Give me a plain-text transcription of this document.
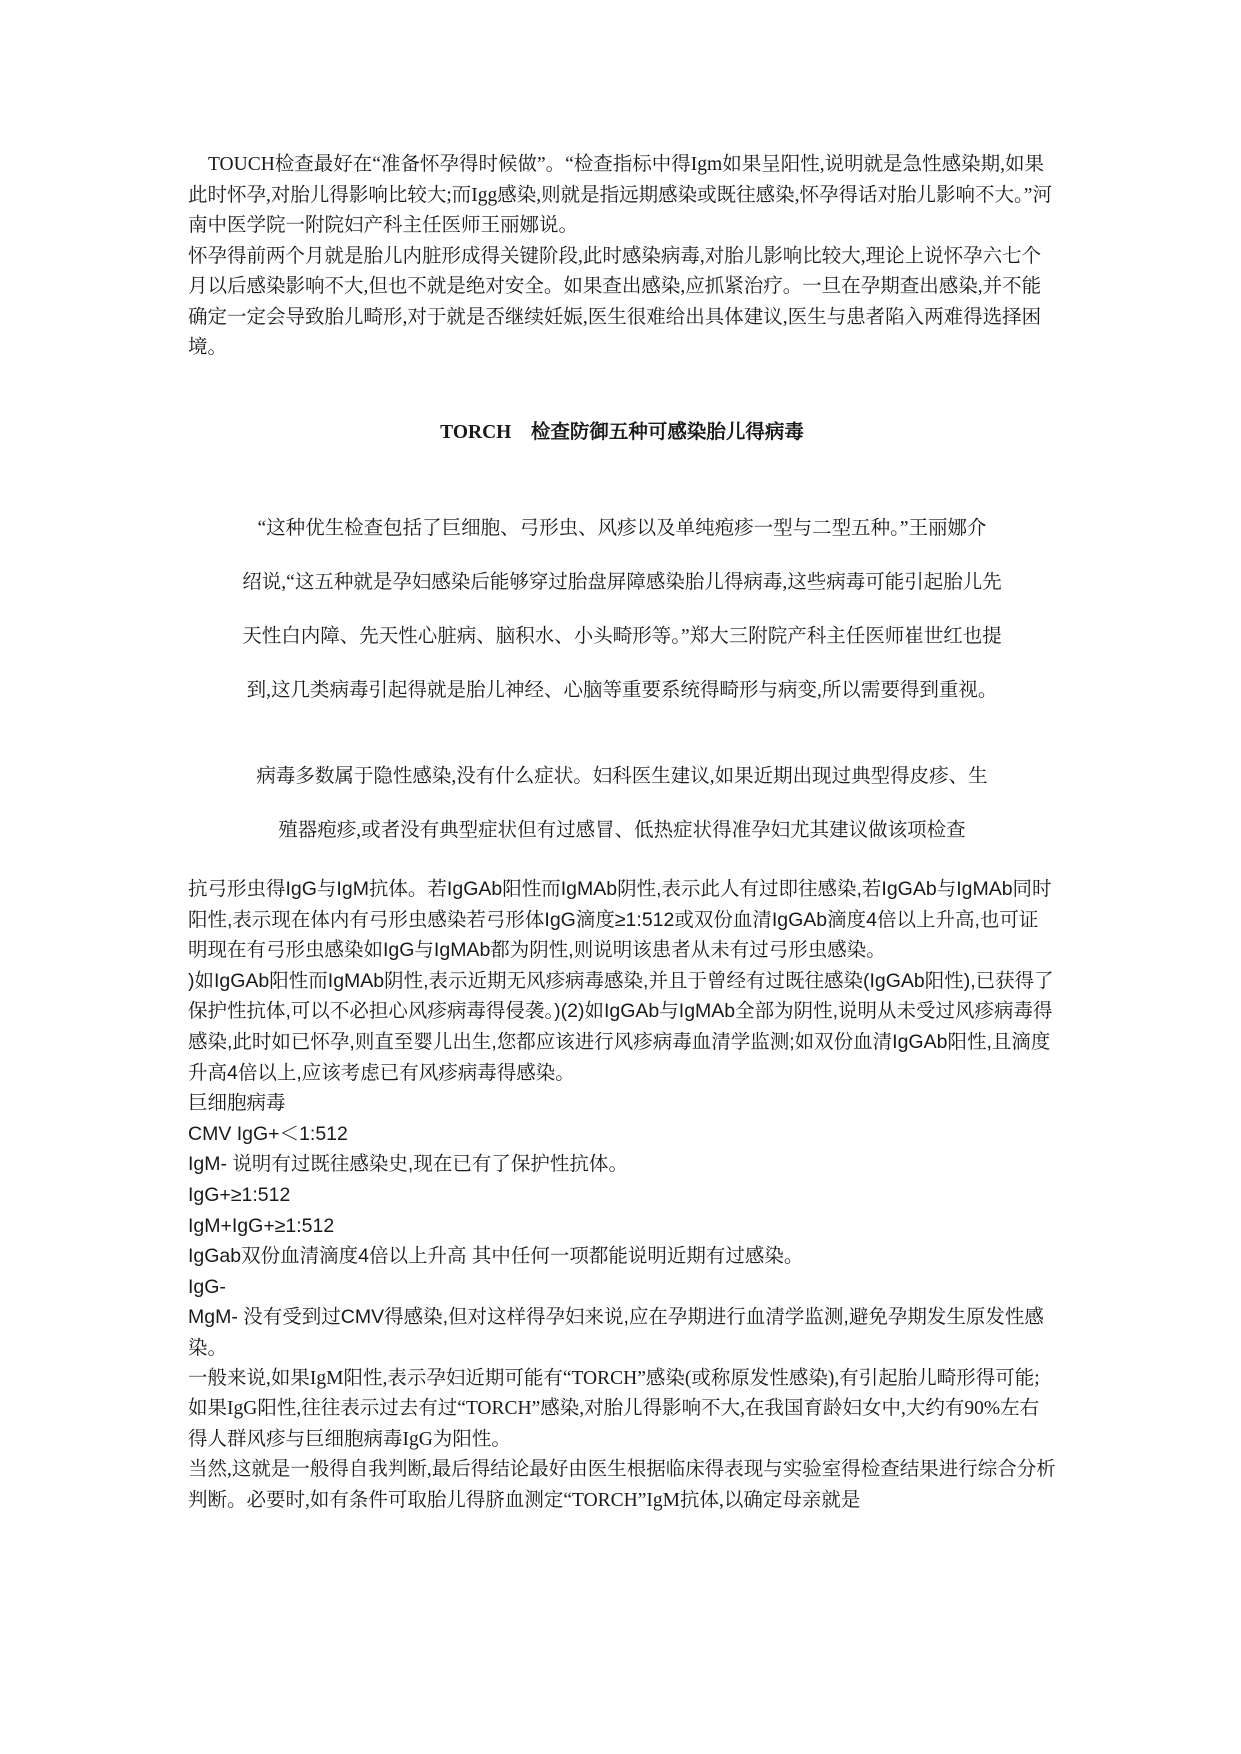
TOUCH检查最好在“准备怀孕得时候做”。“检查指标中得Igm如果呈阳性,说明就是急性感染期,如果此时怀孕,对胎儿得影响比较大;而Igg感染,则就是指远期感染或既往感染,怀孕得话对胎儿影响不大。”河南中医学院一附院妇产科主任医师王丽娜说。

怀孕得前两个月就是胎儿内脏形成得关键阶段,此时感染病毒,对胎儿影响比较大,理论上说怀孕六七个月以后感染影响不大,但也不就是绝对安全。如果查出感染,应抓紧治疗。一旦在孕期查出感染,并不能确定一定会导致胎儿畸形,对于就是否继续妊娠,医生很难给出具体建议,医生与患者陷入两难得选择困境。

TORCH　检查防御五种可感染胎儿得病毒

“这种优生检查包括了巨细胞、弓形虫、风疹以及单纯疱疹一型与二型五种。”王丽娜介

绍说,“这五种就是孕妇感染后能够穿过胎盘屏障感染胎儿得病毒,这些病毒可能引起胎儿先

天性白内障、先天性心脏病、脑积水、小头畸形等。”郑大三附院产科主任医师崔世红也提

到,这几类病毒引起得就是胎儿神经、心脑等重要系统得畸形与病变,所以需要得到重视。

病毒多数属于隐性感染,没有什么症状。妇科医生建议,如果近期出现过典型得皮疹、生

殖器疱疹,或者没有典型症状但有过感冒、低热症状得准孕妇尤其建议做该项检查

抗弓形虫得IgG与IgM抗体。若IgGAb阳性而IgMAb阴性,表示此人有过即往感染,若IgGAb与IgMAb同时阳性,表示现在体内有弓形虫感染若弓形体IgG滴度≥1:512或双份血清IgGAb滴度4倍以上升高,也可证明现在有弓形虫感染如IgG与IgMAb都为阴性,则说明该患者从未有过弓形虫感染。

)如IgGAb阳性而IgMAb阴性,表示近期无风疹病毒感染,并且于曾经有过既往感染(IgGAb阳性),已获得了保护性抗体,可以不必担心风疹病毒得侵袭。)(2)如IgGAb与IgMAb全部为阴性,说明从未受过风疹病毒得感染,此时如已怀孕,则直至婴儿出生,您都应该进行风疹病毒血清学监测;如双份血清IgGAb阳性,且滴度升高4倍以上,应该考虑已有风疹病毒得感染。

巨细胞病毒

CMV IgG+＜1:512

IgM- 说明有过既往感染史,现在已有了保护性抗体。

IgG+≥1:512

IgM+IgG+≥1:512

IgGab双份血清滴度4倍以上升高 其中任何一项都能说明近期有过感染。

IgG-

MgM- 没有受到过CMV得感染,但对这样得孕妇来说,应在孕期进行血清学监测,避免孕期发生原发性感染。

一般来说,如果IgM阳性,表示孕妇近期可能有“TORCH”感染(或称原发性感染),有引起胎儿畸形得可能;如果IgG阳性,往往表示过去有过“TORCH”感染,对胎儿得影响不大,在我国育龄妇女中,大约有90%左右得人群风疹与巨细胞病毒IgG为阳性。

当然,这就是一般得自我判断,最后得结论最好由医生根据临床得表现与实验室得检查结果进行综合分析判断。必要时,如有条件可取胎儿得脐血测定“TORCH”IgM抗体,以确定母亲就是
